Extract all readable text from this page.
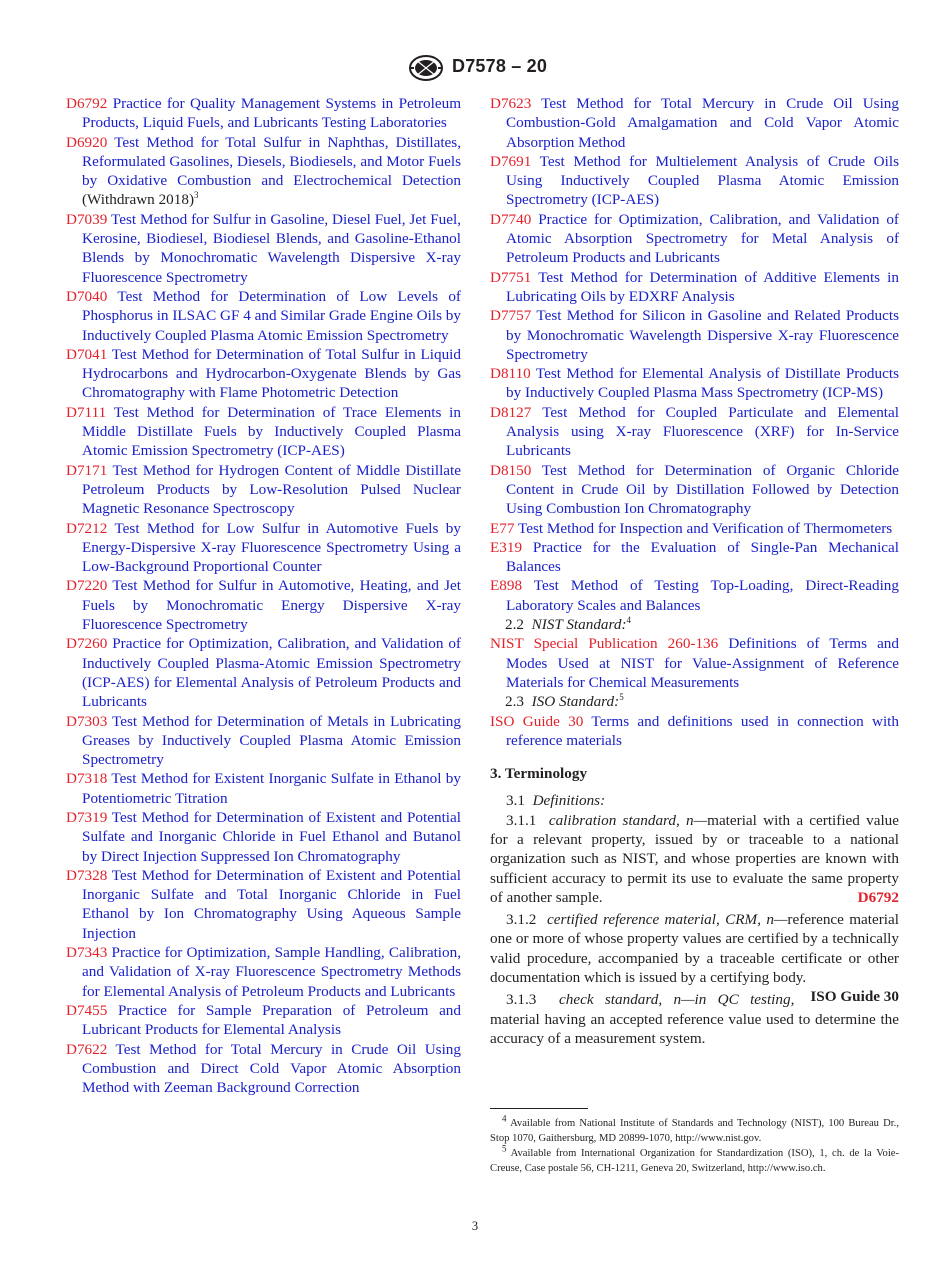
D7578 – 20

D6792 Practice for Quality Management Systems in Petroleum Products, Liquid Fuels, and Lubricants Testing Laboratories

D6920 Test Method for Total Sulfur in Naphthas, Distillates, Reformulated Gasolines, Diesels, Biodiesels, and Motor Fuels by Oxidative Combustion and Electrochemical Detection (Withdrawn 2018)$^3$

D7039 Test Method for Sulfur in Gasoline, Diesel Fuel, Jet Fuel, Kerosine, Biodiesel, Biodiesel Blends, and Gasoline-Ethanol Blends by Monochromatic Wavelength Dispersive X-ray Fluorescence Spectrometry

D7040 Test Method for Determination of Low Levels of Phosphorus in ILSAC GF 4 and Similar Grade Engine Oils by Inductively Coupled Plasma Atomic Emission Spectrometry

D7041 Test Method for Determination of Total Sulfur in Liquid Hydrocarbons and Hydrocarbon-Oxygenate Blends by Gas Chromatography with Flame Photometric Detection

D7111 Test Method for Determination of Trace Elements in Middle Distillate Fuels by Inductively Coupled Plasma Atomic Emission Spectrometry (ICP-AES)

D7171 Test Method for Hydrogen Content of Middle Distillate Petroleum Products by Low-Resolution Pulsed Nuclear Magnetic Resonance Spectroscopy

D7212 Test Method for Low Sulfur in Automotive Fuels by Energy-Dispersive X-ray Fluorescence Spectrometry Using a Low-Background Proportional Counter

D7220 Test Method for Sulfur in Automotive, Heating, and Jet Fuels by Monochromatic Energy Dispersive X-ray Fluorescence Spectrometry

D7260 Practice for Optimization, Calibration, and Validation of Inductively Coupled Plasma-Atomic Emission Spectrometry (ICP-AES) for Elemental Analysis of Petroleum Products and Lubricants

D7303 Test Method for Determination of Metals in Lubricating Greases by Inductively Coupled Plasma Atomic Emission Spectrometry

D7318 Test Method for Existent Inorganic Sulfate in Ethanol by Potentiometric Titration

D7319 Test Method for Determination of Existent and Potential Sulfate and Inorganic Chloride in Fuel Ethanol and Butanol by Direct Injection Suppressed Ion Chromatography

D7328 Test Method for Determination of Existent and Potential Inorganic Sulfate and Total Inorganic Chloride in Fuel Ethanol by Ion Chromatography Using Aqueous Sample Injection

D7343 Practice for Optimization, Sample Handling, Calibration, and Validation of X-ray Fluorescence Spectrometry Methods for Elemental Analysis of Petroleum Products and Lubricants

D7455 Practice for Sample Preparation of Petroleum and Lubricant Products for Elemental Analysis

D7622 Test Method for Total Mercury in Crude Oil Using Combustion and Direct Cold Vapor Atomic Absorption Method with Zeeman Background Correction

D7623 Test Method for Total Mercury in Crude Oil Using Combustion-Gold Amalgamation and Cold Vapor Atomic Absorption Method

D7691 Test Method for Multielement Analysis of Crude Oils Using Inductively Coupled Plasma Atomic Emission Spectrometry (ICP-AES)

D7740 Practice for Optimization, Calibration, and Validation of Atomic Absorption Spectrometry for Metal Analysis of Petroleum Products and Lubricants

D7751 Test Method for Determination of Additive Elements in Lubricating Oils by EDXRF Analysis

D7757 Test Method for Silicon in Gasoline and Related Products by Monochromatic Wavelength Dispersive X-ray Fluorescence Spectrometry

D8110 Test Method for Elemental Analysis of Distillate Products by Inductively Coupled Plasma Mass Spectrometry (ICP-MS)

D8127 Test Method for Coupled Particulate and Elemental Analysis using X-ray Fluorescence (XRF) for In-Service Lubricants

D8150 Test Method for Determination of Organic Chloride Content in Crude Oil by Distillation Followed by Detection Using Combustion Ion Chromatography

E77 Test Method for Inspection and Verification of Thermometers

E319 Practice for the Evaluation of Single-Pan Mechanical Balances

E898 Test Method of Testing Top-Loading, Direct-Reading Laboratory Scales and Balances

2.2 NIST Standard:$^4$

NIST Special Publication 260-136 Definitions of Terms and Modes Used at NIST for Value-Assignment of Reference Materials for Chemical Measurements

2.3 ISO Standard:$^5$

ISO Guide 30 Terms and definitions used in connection with reference materials

3. Terminology

3.1 Definitions:

3.1.1 calibration standard, n—material with a certified value for a relevant property, issued by or traceable to a national organization such as NIST, and whose properties are known with sufficient accuracy to permit its use to evaluate the same property of another sample.	D6792

3.1.2 certified reference material, CRM, n—reference material one or more of whose property values are certified by a technically valid procedure, accompanied by a traceable certificate or other documentation which is issued by a certifying body.
ISO Guide 30

3.1.3 check standard, n—in QC testing, material having an accepted reference value used to determine the accuracy of a measurement system.

$^4$ Available from National Institute of Standards and Technology (NIST), 100 Bureau Dr., Stop 1070, Gaithersburg, MD 20899-1070, http://www.nist.gov.

$^5$ Available from International Organization for Standardization (ISO), 1, ch. de la Voie-Creuse, Case postale 56, CH-1211, Geneva 20, Switzerland, http://www.iso.ch.

3
